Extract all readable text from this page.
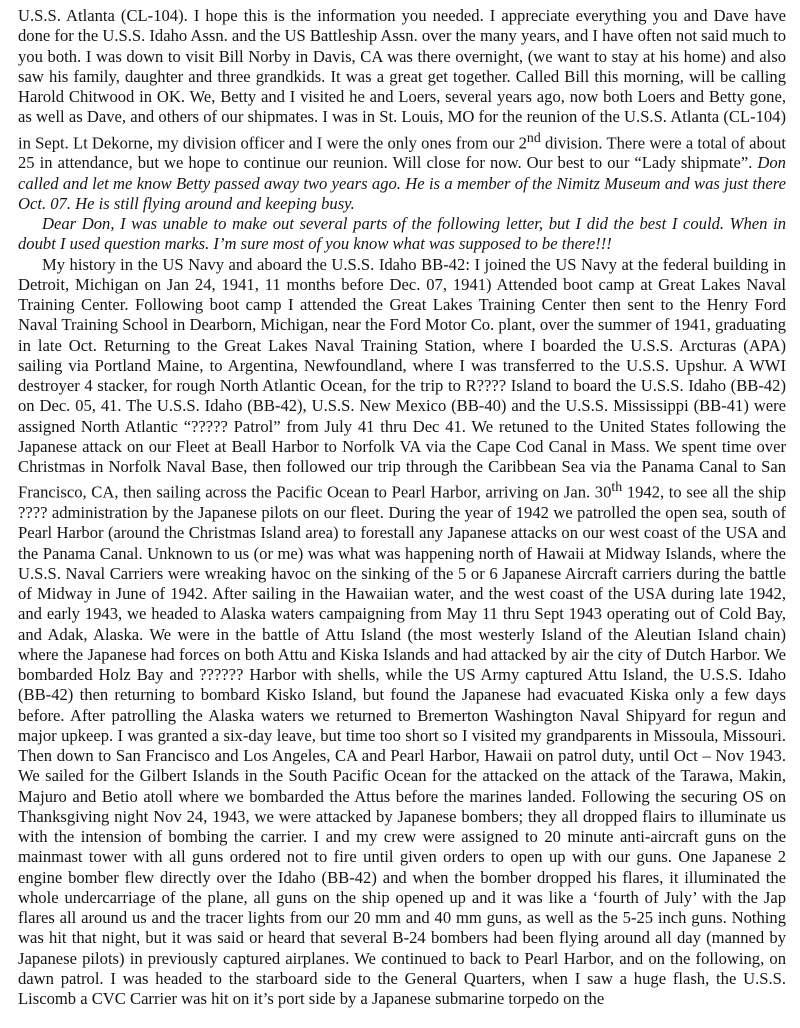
U.S.S. Atlanta (CL-104). I hope this is the information you needed. I appreciate everything you and Dave have done for the U.S.S. Idaho Assn. and the US Battleship Assn. over the many years, and I have often not said much to you both. I was down to visit Bill Norby in Davis, CA was there overnight, (we want to stay at his home) and also saw his family, daughter and three grandkids. It was a great get together. Called Bill this morning, will be calling Harold Chitwood in OK. We, Betty and I visited he and Loers, several years ago, now both Loers and Betty gone, as well as Dave, and others of our shipmates. I was in St. Louis, MO for the reunion of the U.S.S. Atlanta (CL-104) in Sept. Lt Dekorne, my division officer and I were the only ones from our 2nd division. There were a total of about 25 in attendance, but we hope to continue our reunion. Will close for now. Our best to our “Lady shipmate”. Don called and let me know Betty passed away two years ago. He is a member of the Nimitz Museum and was just there Oct. 07. He is still flying around and keeping busy.

Dear Don, I was unable to make out several parts of the following letter, but I did the best I could. When in doubt I used question marks. I’m sure most of you know what was supposed to be there!!!

My history in the US Navy and aboard the U.S.S. Idaho BB-42: I joined the US Navy at the federal building in Detroit, Michigan on Jan 24, 1941, 11 months before Dec. 07, 1941) Attended boot camp at Great Lakes Naval Training Center. Following boot camp I attended the Great Lakes Training Center then sent to the Henry Ford Naval Training School in Dearborn, Michigan, near the Ford Motor Co. plant, over the summer of 1941, graduating in late Oct. Returning to the Great Lakes Naval Training Station, where I boarded the U.S.S. Arcturas (APA) sailing via Portland Maine, to Argentina, Newfoundland, where I was transferred to the U.S.S. Upshur. A WWI destroyer 4 stacker, for rough North Atlantic Ocean, for the trip to R???? Island to board the U.S.S. Idaho (BB-42) on Dec. 05, 41. The U.S.S. Idaho (BB-42), U.S.S. New Mexico (BB-40) and the U.S.S. Mississippi (BB-41) were assigned North Atlantic “????? Patrol” from July 41 thru Dec 41. We retuned to the United States following the Japanese attack on our Fleet at Beall Harbor to Norfolk VA via the Cape Cod Canal in Mass. We spent time over Christmas in Norfolk Naval Base, then followed our trip through the Caribbean Sea via the Panama Canal to San Francisco, CA, then sailing across the Pacific Ocean to Pearl Harbor, arriving on Jan. 30th 1942, to see all the ship ???? administration by the Japanese pilots on our fleet. During the year of 1942 we patrolled the open sea, south of Pearl Harbor (around the Christmas Island area) to forestall any Japanese attacks on our west coast of the USA and the Panama Canal. Unknown to us (or me) was what was happening north of Hawaii at Midway Islands, where the U.S.S. Naval Carriers were wreaking havoc on the sinking of the 5 or 6 Japanese Aircraft carriers during the battle of Midway in June of 1942. After sailing in the Hawaiian water, and the west coast of the USA during late 1942, and early 1943, we headed to Alaska waters campaigning from May 11 thru Sept 1943 operating out of Cold Bay, and Adak, Alaska. We were in the battle of Attu Island (the most westerly Island of the Aleutian Island chain) where the Japanese had forces on both Attu and Kiska Islands and had attacked by air the city of Dutch Harbor. We bombarded Holz Bay and ?????? Harbor with shells, while the US Army captured Attu Island, the U.S.S. Idaho (BB-42) then returning to bombard Kisko Island, but found the Japanese had evacuated Kiska only a few days before. After patrolling the Alaska waters we returned to Bremerton Washington Naval Shipyard for regun and major upkeep. I was granted a six-day leave, but time too short so I visited my grandparents in Missoula, Missouri. Then down to San Francisco and Los Angeles, CA and Pearl Harbor, Hawaii on patrol duty, until Oct – Nov 1943. We sailed for the Gilbert Islands in the South Pacific Ocean for the attacked on the attack of the Tarawa, Makin, Majuro and Betio atoll where we bombarded the Attus before the marines landed. Following the securing OS on Thanksgiving night Nov 24, 1943, we were attacked by Japanese bombers; they all dropped flairs to illuminate us with the intension of bombing the carrier. I and my crew were assigned to 20 minute anti-aircraft guns on the mainmast tower with all guns ordered not to fire until given orders to open up with our guns. One Japanese 2 engine bomber flew directly over the Idaho (BB-42) and when the bomber dropped his flares, it illuminated the whole undercarriage of the plane, all guns on the ship opened up and it was like a ‘fourth of July’ with the Jap flares all around us and the tracer lights from our 20 mm and 40 mm guns, as well as the 5-25 inch guns. Nothing was hit that night, but it was said or heard that several B-24 bombers had been flying around all day (manned by Japanese pilots) in previously captured airplanes. We continued to back to Pearl Harbor, and on the following, on dawn patrol. I was headed to the starboard side to the General Quarters, when I saw a huge flash, the U.S.S. Liscomb a CVC Carrier was hit on it’s port side by a Japanese submarine torpedo on the
